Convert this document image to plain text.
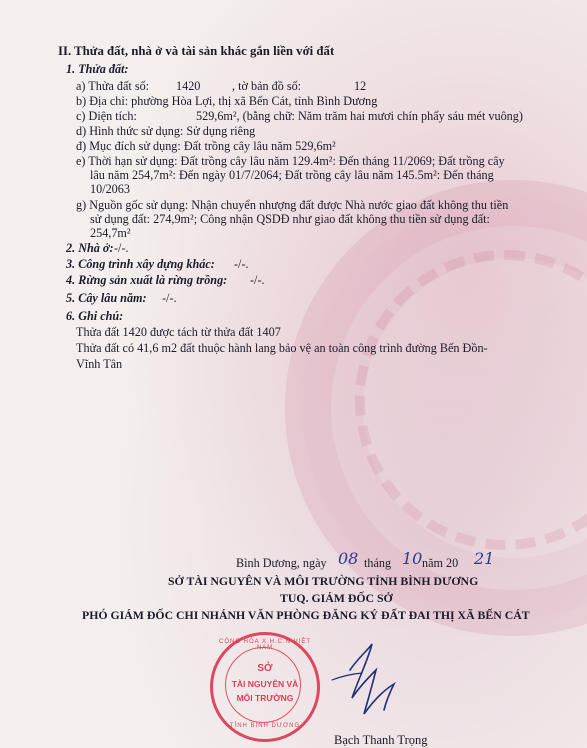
II. Thửa đất, nhà ở và tài sản khác gắn liền với đất
1. Thửa đất:
a) Thửa đất số: 1420	, tờ bản đồ số:	12
b) Địa chỉ: phường Hòa Lợi, thị xã Bến Cát, tỉnh Bình Dương
c) Diện tích:	529,6m², (bằng chữ: Năm trăm hai mươi chín phẩy sáu mét vuông)
d) Hình thức sử dụng: Sử dụng riêng
đ) Mục đích sử dụng: Đất trồng cây lâu năm 529,6m²
e) Thời hạn sử dụng: Đất trồng cây lâu năm 129.4m²: Đến tháng 11/2069; Đất trồng cây
lâu năm 254,7m²: Đến ngày 01/7/2064; Đất trồng cây lâu năm 145.5m²: Đến tháng
10/2063
g) Nguồn gốc sử dụng: Nhận chuyển nhượng đất được Nhà nước giao đất không thu tiền
sử dụng đất: 274,9m²; Công nhận QSDĐ như giao đất không thu tiền sử dụng đất:
254,7m²
2. Nhà ở: -/-.
3. Công trình xây dựng khác: -/-.
4. Rừng sản xuất là rừng trồng: -/-.
5. Cây lâu năm: -/-.
6. Ghi chú:
Thửa đất 1420 được tách từ thửa đất 1407
Thửa đất có 41,6 m2 đất thuộc hành lang bảo vệ an toàn công trình đường Bến Đồn-
Vĩnh Tân
Bình Dương, ngày 08 tháng 10 năm 20 21
SỞ TÀI NGUYÊN VÀ MÔI TRƯỜNG TỈNH BÌNH DƯƠNG
TUQ. GIÁM ĐỐC SỞ
PHÓ GIÁM ĐỐC CHI NHÁNH VĂN PHÒNG ĐĂNG KÝ ĐẤT ĐAI THỊ XÃ BẾN CÁT
CỘNG HÒA X.H.C.N VIỆT NAM
SỞ
TÀI NGUYÊN VÀ
MÔI TRƯỜNG
TỈNH BÌNH DƯƠNG
Bạch Thanh Trọng
